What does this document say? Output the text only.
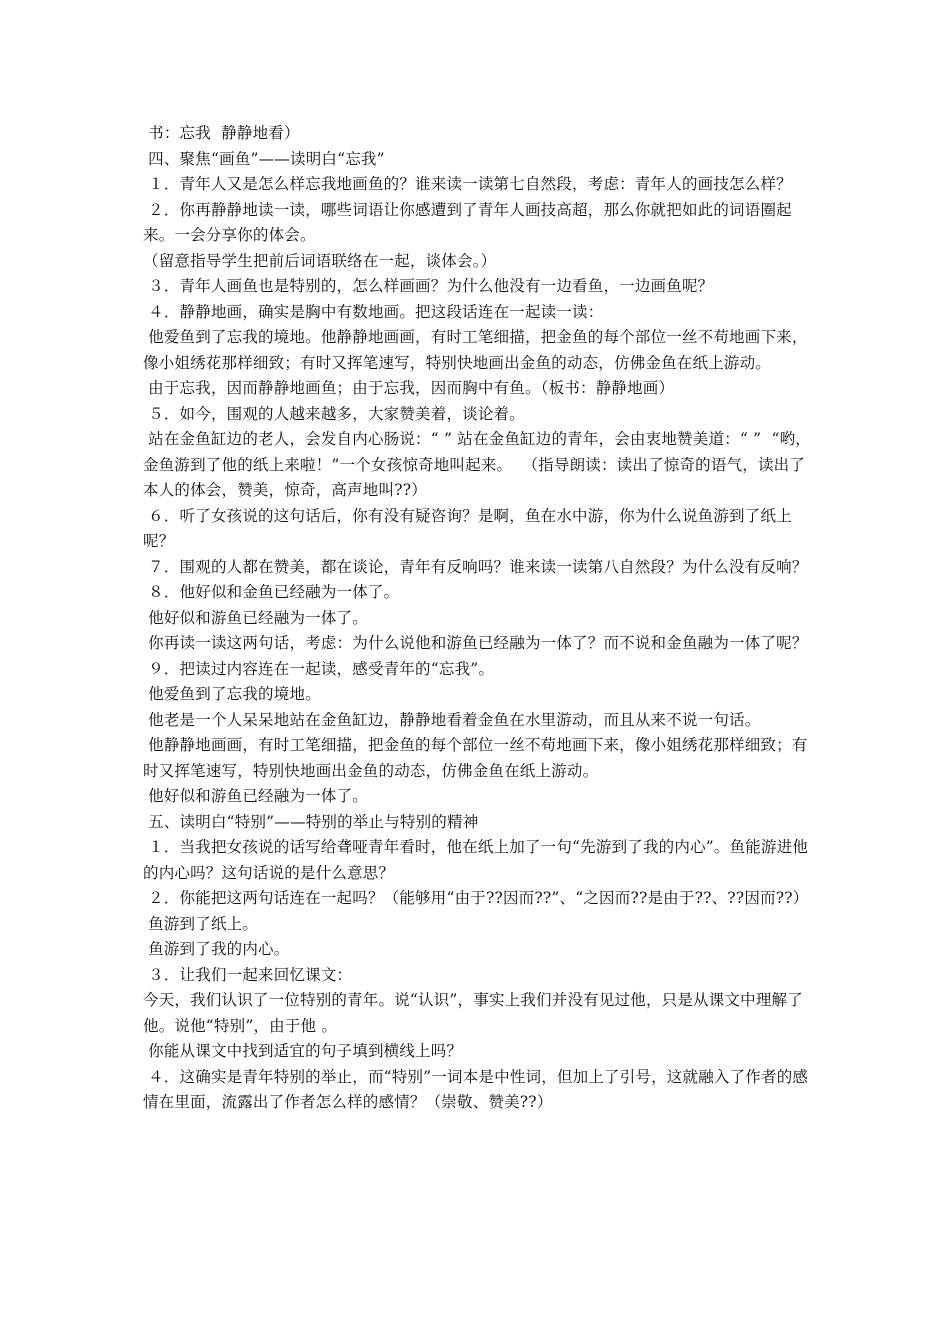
书：忘我  静静地看）

四、聚焦“画鱼”——读明白“忘我”

１．青年人又是怎么样忘我地画鱼的？谁来读一读第七自然段，考虑：青年人的画技怎么样？

２．你再静静地读一读，哪些词语让你感遭到了青年人画技高超，那么你就把如此的词语圈起来。一会分享你的体会。

（留意指导学生把前后词语联络在一起，谈体会。）

３．青年人画鱼也是特别的，怎么样画画？为什么他没有一边看鱼，一边画鱼呢？

４．静静地画，确实是胸中有数地画。把这段话连在一起读一读：

他爱鱼到了忘我的境地。他静静地画画，有时工笔细描，把金鱼的每个部位一丝不苟地画下来，像小姐绣花那样细致；有时又挥笔速写，特别快地画出金鱼的动态，仿佛金鱼在纸上游动。

由于忘我，因而静静地画鱼；由于忘我，因而胸中有鱼。（板书：静静地画）

５．如今，围观的人越来越多，大家赞美着，谈论着。

站在金鱼缸边的老人，会发自内心肠说：“ ” 站在金鱼缸边的青年，会由衷地赞美道：“ ”  “哟，金鱼游到了他的纸上来啦！”一个女孩惊奇地叫起来。  （指导朗读：读出了惊奇的语气，读出了本人的体会，赞美，惊奇，高声地叫??）

６．听了女孩说的这句话后，你有没有疑咨询？是啊，鱼在水中游，你为什么说鱼游到了纸上呢？

７．围观的人都在赞美，都在谈论，青年有反响吗？谁来读一读第八自然段？为什么没有反响？

８．他好似和金鱼已经融为一体了。

他好似和游鱼已经融为一体了。

你再读一读这两句话，考虑：为什么说他和游鱼已经融为一体了？而不说和金鱼融为一体了呢？

９．把读过内容连在一起读，感受青年的“忘我”。

他爱鱼到了忘我的境地。

他老是一个人呆呆地站在金鱼缸边，静静地看着金鱼在水里游动，而且从来不说一句话。

他静静地画画，有时工笔细描，把金鱼的每个部位一丝不苟地画下来，像小姐绣花那样细致；有时又挥笔速写，特别快地画出金鱼的动态，仿佛金鱼在纸上游动。

他好似和游鱼已经融为一体了。

五、读明白“特别”——特别的举止与特别的精神

１．当我把女孩说的话写给聋哑青年看时，他在纸上加了一句“先游到了我的内心”。鱼能游进他的内心吗？这句话说的是什么意思？

２．你能把这两句话连在一起吗？（能够用“由于??因而??”、“之因而??是由于??、??因而??）

鱼游到了纸上。

鱼游到了我的内心。

３．让我们一起来回忆课文：

今天，我们认识了一位特别的青年。说“认识”，事实上我们并没有见过他，只是从课文中理解了他。说他“特别”，由于他 。

你能从课文中找到适宜的句子填到横线上吗？

４．这确实是青年特别的举止，而“特别”一词本是中性词，但加上了引号，这就融入了作者的感情在里面，流露出了作者怎么样的感情？（崇敬、赞美??）
